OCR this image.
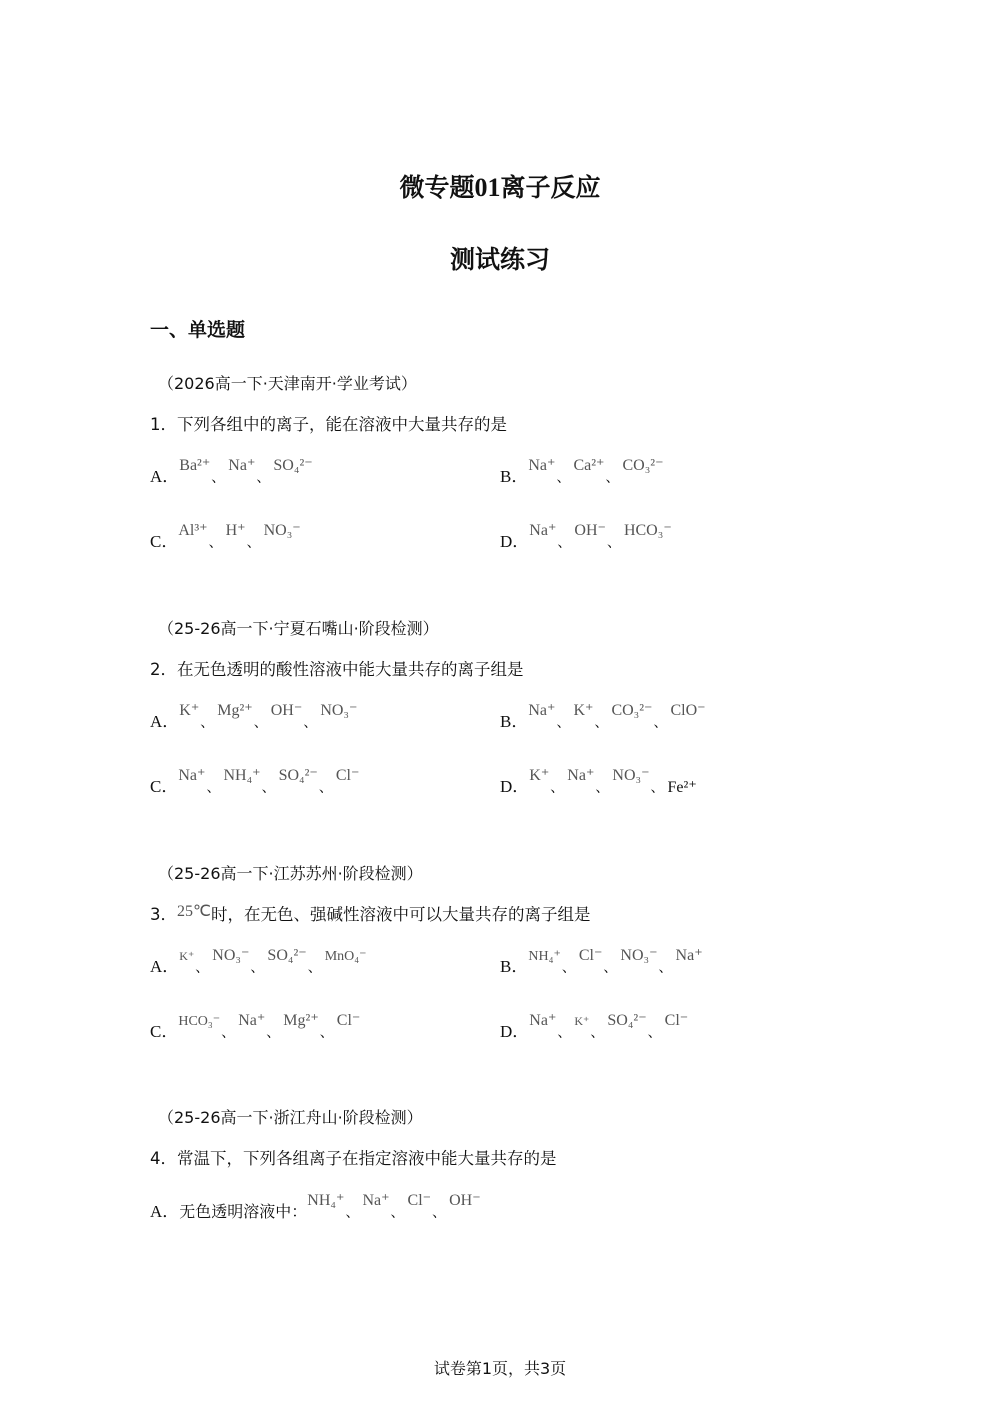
微专题01离子反应
测试练习
一、单选题
（2026高一下·天津南开·学业考试）
1．下列各组中的离子，能在溶液中大量共存的是
A．Ba²⁺、Na⁺、SO₄²⁻
B．Na⁺、Ca²⁺、CO₃²⁻
C．Al³⁺、H⁺、NO₃⁻
D．Na⁺、OH⁻、HCO₃⁻
（25-26高一下·宁夏石嘴山·阶段检测）
2．在无色透明的酸性溶液中能大量共存的离子组是
A．K⁺、Mg²⁺、OH⁻、NO₃⁻
B．Na⁺、K⁺、CO₃²⁻、ClO⁻
C．Na⁺、NH₄⁺、SO₄²⁻、Cl⁻
D．K⁺、Na⁺、NO₃⁻、 Fe²⁺
（25-26高一下·江苏苏州·阶段检测）
3．25℃时，在无色、强碱性溶液中可以大量共存的离子组是
A．K⁺、NO₃⁻、SO₄²⁻、MnO₄⁻
B．NH₄⁺、Cl⁻、NO₃⁻、Na⁺
C．HCO₃⁻、Na⁺、Mg²⁺、Cl⁻
D．Na⁺、K⁺、SO₄²⁻、Cl⁻
（25-26高一下·浙江舟山·阶段检测）
4．常温下，下列各组离子在指定溶液中能大量共存的是
A．无色透明溶液中：NH₄⁺、Na⁺、Cl⁻、OH⁻
试卷第1页，共3页
